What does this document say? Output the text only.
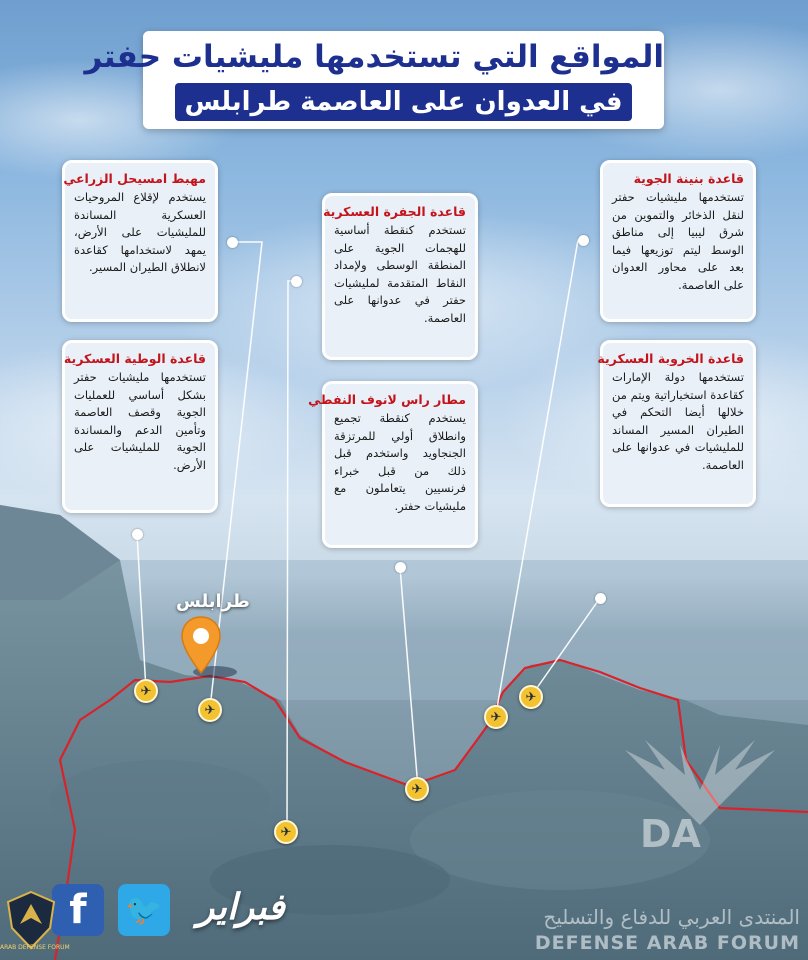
المواقع التي تستخدمها مليشيات حفتر
في العدوان على العاصمة طرابلس
مهبط امسيحل الزراعي
يستخدم لإقلاع المروحيات العسكرية المساندة للمليشيات على الأرض، يمهد لاستخدامها كقاعدة لانطلاق الطيران المسير.
قاعدة الجفرة العسكرية
تستخدم كنقطة أساسية للهجمات الجوية على المنطقة الوسطى ولإمداد النقاط المتقدمة لمليشيات حفتر في عدوانها على العاصمة.
قاعدة بنينة الجوية
تستخدمها مليشيات حفتر لنقل الذخائر والتموين من شرق ليبيا إلى مناطق الوسط ليتم توزيعها فيما بعد على محاور العدوان على العاصمة.
قاعدة الوطية العسكرية
تستخدمها مليشيات حفتر بشكل أساسي للعمليات الجوية وقصف العاصمة وتأمين الدعم والمساندة الجوية للمليشيات على الأرض.
مطار راس لانوف النفطي
يستخدم كنقطة تجميع وانطلاق أولي للمرتزقة الجنجاويد واستخدم قبل ذلك من قبل خبراء فرنسيين يتعاملون مع مليشيات حفتر.
قاعدة الخروبة العسكرية
تستخدمها دولة الإمارات كقاعدة استخباراتية ويتم من خلالها أيضا التحكم في الطيران المسير المساند للمليشيات في عدوانها على العاصمة.
طرابلس
✈
✈
✈
✈
✈
✈
DA
المنتدى العربي للدفاع والتسليح
DEFENSE ARAB FORUM
f	🐦 فبراير
ARAB DEFENSE FORUM
